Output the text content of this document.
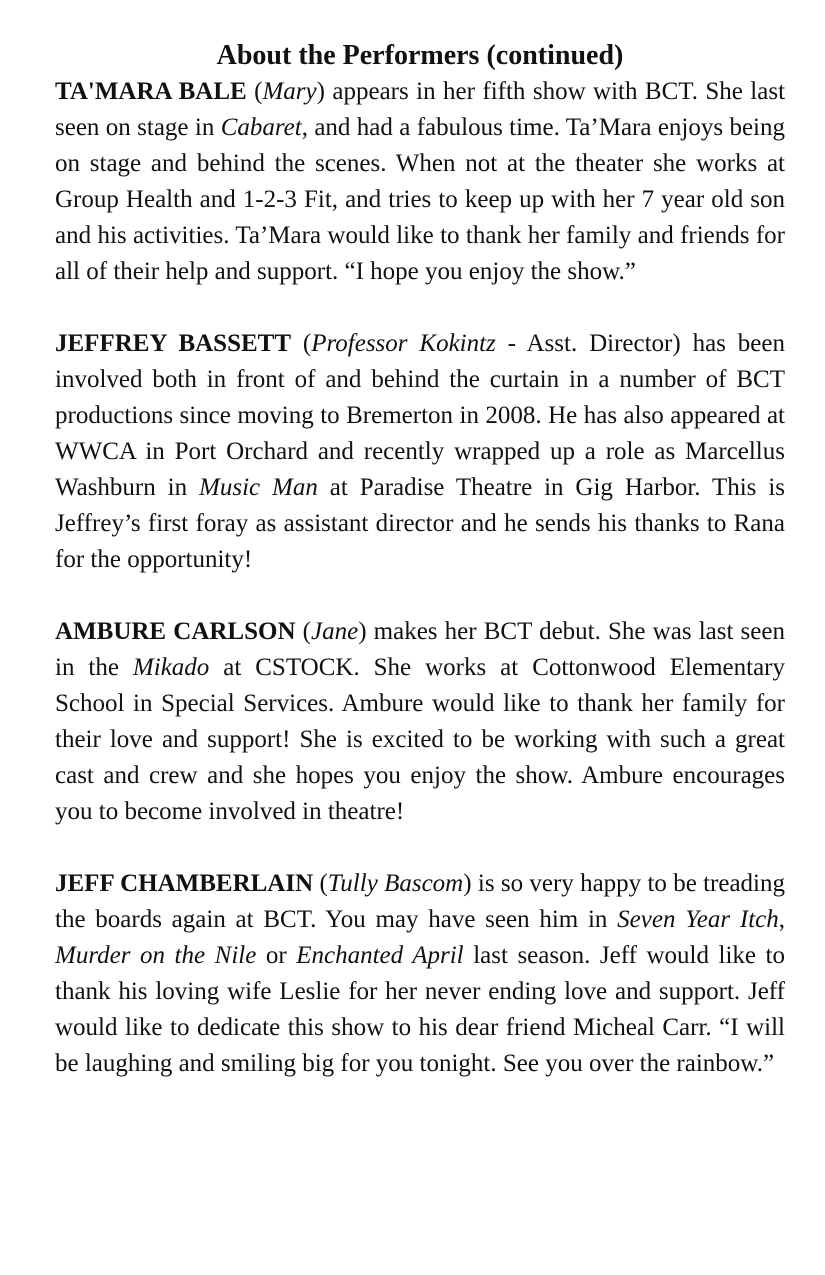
About the Performers (continued)

TA'MARA BALE (Mary) appears in her fifth show with BCT. She last seen on stage in Cabaret, and had a fabulous time. Ta’Mara enjoys being on stage and behind the scenes. When not at the theater she works at Group Health and 1-2-3 Fit, and tries to keep up with her 7 year old son and his activities. Ta’Mara would like to thank her family and friends for all of their help and support. “I hope you enjoy the show.”

JEFFREY BASSETT (Professor Kokintz - Asst. Director) has been involved both in front of and behind the curtain in a number of BCT productions since moving to Bremerton in 2008. He has also appeared at WWCA in Port Orchard and recently wrapped up a role as Marcellus Washburn in Music Man at Paradise Theatre in Gig Harbor. This is Jeffrey’s first foray as assistant director and he sends his thanks to Rana for the opportunity!

AMBURE CARLSON (Jane) makes her BCT debut. She was last seen in the Mikado at CSTOCK. She works at Cottonwood Elementary School in Special Services. Ambure would like to thank her family for their love and support! She is excited to be working with such a great cast and crew and she hopes you enjoy the show. Ambure encourages you to become involved in theatre!

JEFF CHAMBERLAIN (Tully Bascom) is so very happy to be treading the boards again at BCT. You may have seen him in Seven Year Itch, Murder on the Nile or Enchanted April last season. Jeff would like to thank his loving wife Leslie for her never ending love and support. Jeff would like to dedicate this show to his dear friend Micheal Carr. “I will be laughing and smiling big for you tonight. See you over the rainbow.”
